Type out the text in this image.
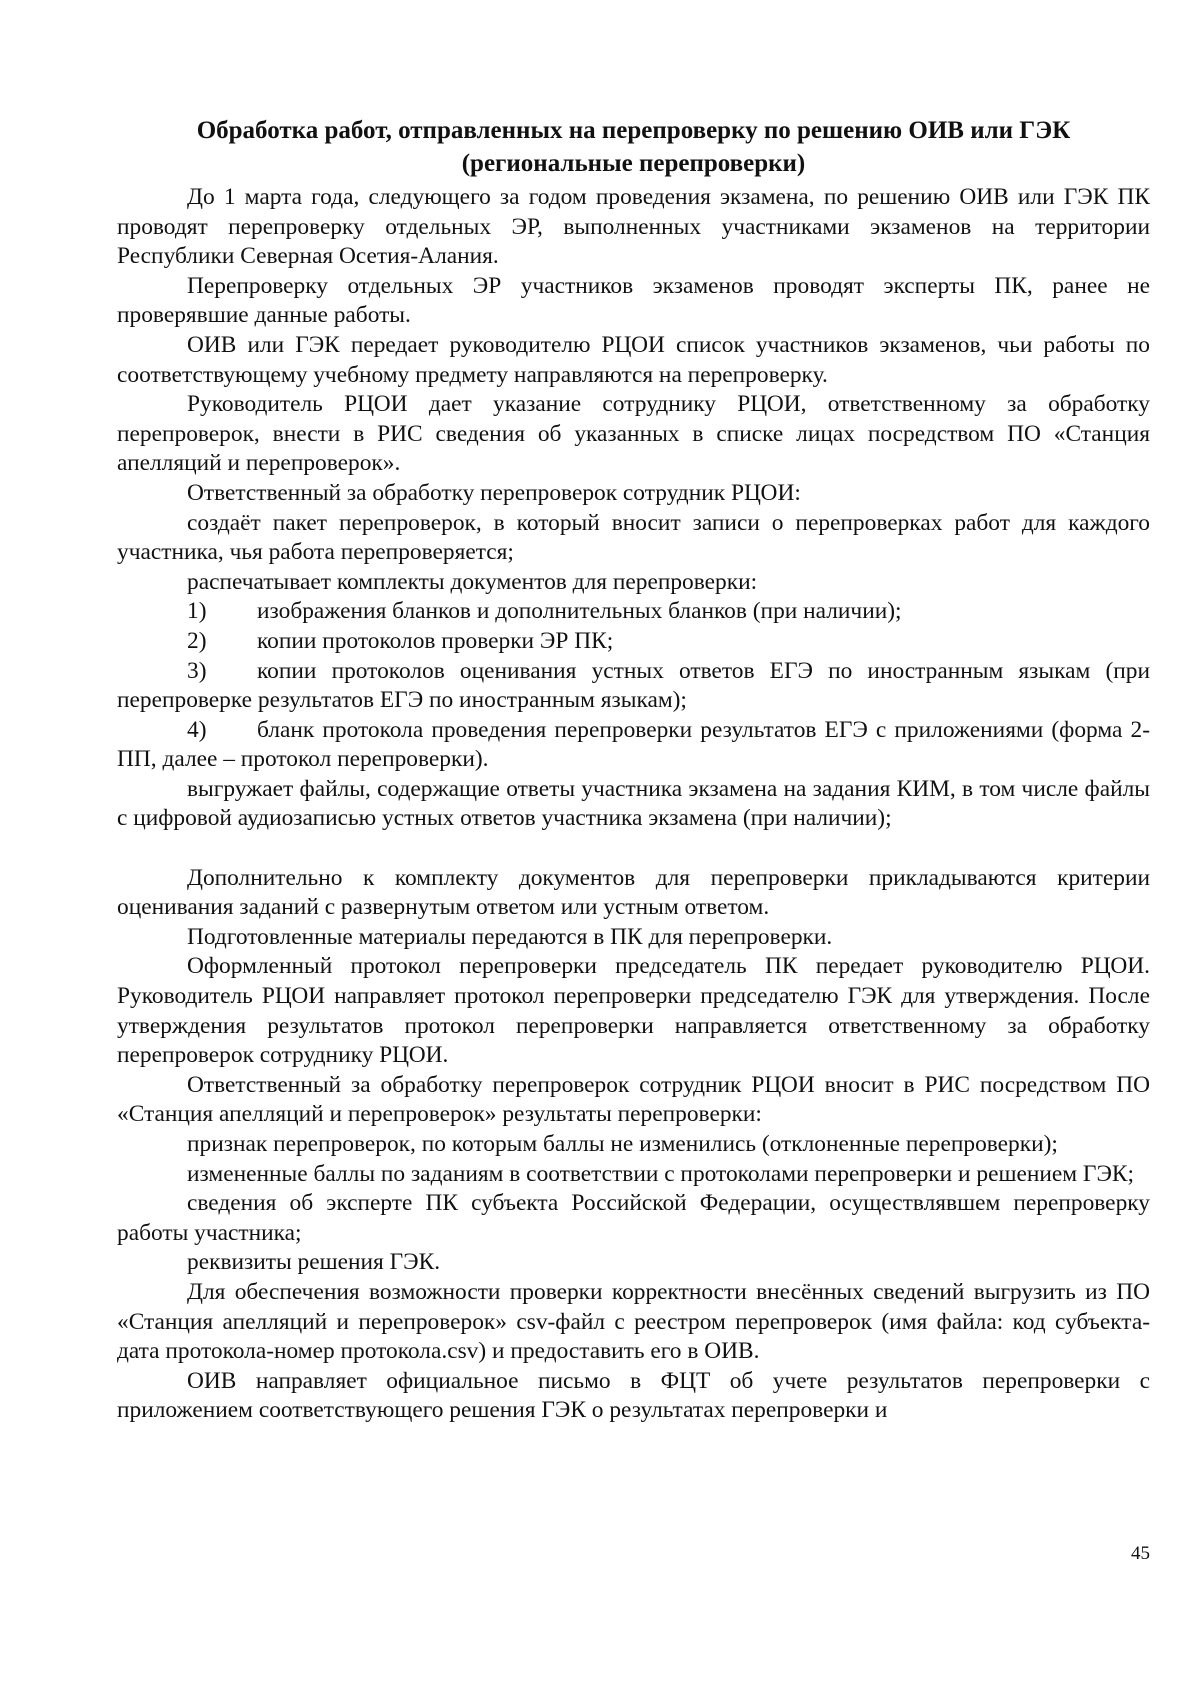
Обработка работ, отправленных на перепроверку по решению ОИВ или ГЭК
(региональные перепроверки)

До 1 марта года, следующего за годом проведения экзамена, по решению ОИВ или ГЭК ПК проводят перепроверку отдельных ЭР, выполненных участниками экзаменов на территории Республики Северная Осетия-Алания.

Перепроверку отдельных ЭР участников экзаменов проводят эксперты ПК, ранее не проверявшие данные работы.

ОИВ или ГЭК передает руководителю РЦОИ список участников экзаменов, чьи работы по соответствующему учебному предмету направляются на перепроверку.

Руководитель РЦОИ дает указание сотруднику РЦОИ, ответственному за обработку перепроверок, внести в РИС сведения об указанных в списке лицах посредством ПО «Станция апелляций и перепроверок».

Ответственный за обработку перепроверок сотрудник РЦОИ:

создаёт пакет перепроверок, в который вносит записи о перепроверках работ для каждого участника, чья работа перепроверяется;

распечатывает комплекты документов для перепроверки:

1) изображения бланков и дополнительных бланков (при наличии);
2) копии протоколов проверки ЭР ПК;
3) копии протоколов оценивания устных ответов ЕГЭ по иностранным языкам (при перепроверке результатов ЕГЭ по иностранным языкам);
4) бланк протокола проведения перепроверки результатов ЕГЭ с приложениями (форма 2-ПП, далее – протокол перепроверки).

выгружает файлы, содержащие ответы участника экзамена на задания КИМ, в том числе файлы с цифровой аудиозаписью устных ответов участника экзамена (при наличии);

Дополнительно к комплекту документов для перепроверки прикладываются критерии оценивания заданий с развернутым ответом или устным ответом.

Подготовленные материалы передаются в ПК для перепроверки.

Оформленный протокол перепроверки председатель ПК передает руководителю РЦОИ. Руководитель РЦОИ направляет протокол перепроверки председателю ГЭК для утверждения. После утверждения результатов протокол перепроверки направляется ответственному за обработку перепроверок сотруднику РЦОИ.

Ответственный за обработку перепроверок сотрудник РЦОИ вносит в РИС посредством ПО «Станция апелляций и перепроверок» результаты перепроверки:

признак перепроверок, по которым баллы не изменились (отклоненные перепроверки);

измененные баллы по заданиям в соответствии с протоколами перепроверки и решением ГЭК;

сведения об эксперте ПК субъекта Российской Федерации, осуществлявшем перепроверку работы участника;

реквизиты решения ГЭК.

Для обеспечения возможности проверки корректности внесённых сведений выгрузить из ПО «Станция апелляций и перепроверок» csv-файл с реестром перепроверок (имя файла: код субъекта-дата протокола-номер протокола.csv) и предоставить его в ОИВ.

ОИВ направляет официальное письмо в ФЦТ об учете результатов перепроверки с приложением соответствующего решения ГЭК о результатах перепроверки и

45
